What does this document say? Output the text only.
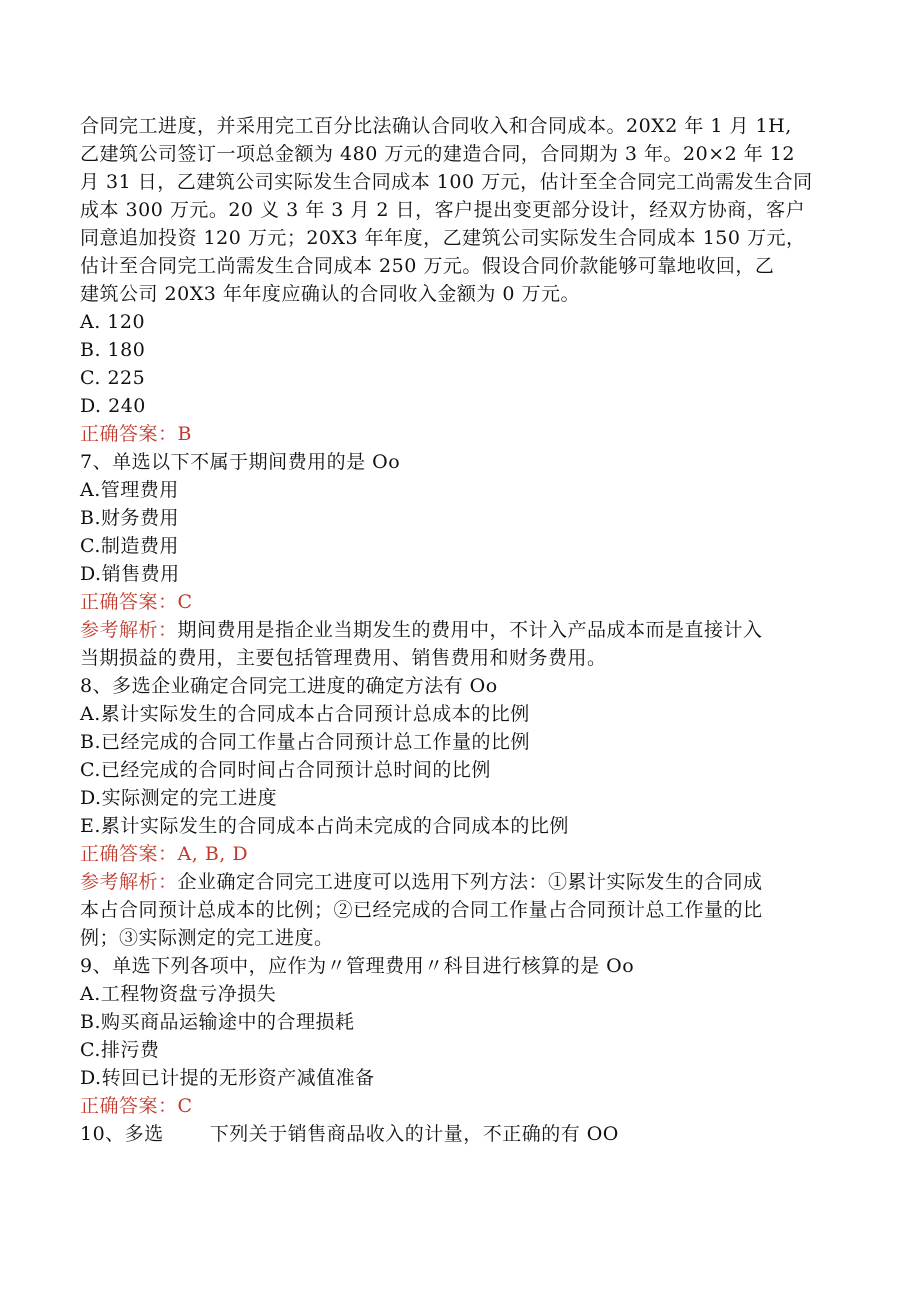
合同完工进度，并采用完工百分比法确认合同收入和合同成本。20X2 年 1 月 1H,
乙建筑公司签订一项总金额为 480 万元的建造合同，合同期为 3 年。20×2 年 12
月 31 日，乙建筑公司实际发生合同成本 100 万元，估计至全合同完工尚需发生合同
成本 300 万元。20 义 3 年 3 月 2 日，客户提出变更部分设计，经双方协商，客户
同意追加投资 120 万元；20X3 年年度，乙建筑公司实际发生合同成本 150 万元，
估计至合同完工尚需发生合同成本 250 万元。假设合同价款能够可靠地收回，乙
建筑公司 20X3 年年度应确认的合同收入金额为 0 万元。
A. 120
B. 180
C. 225
D. 240
正确答案：B
7、单选以下不属于期间费用的是 Oo
A.管理费用
B.财务费用
C.制造费用
D.销售费用
正确答案：C
参考解析：期间费用是指企业当期发生的费用中，不计入产品成本而是直接计入
当期损益的费用，主要包括管理费用、销售费用和财务费用。
8、多选企业确定合同完工进度的确定方法有 Oo
A.累计实际发生的合同成本占合同预计总成本的比例
B.已经完成的合同工作量占合同预计总工作量的比例
C.已经完成的合同时间占合同预计总时间的比例
D.实际测定的完工进度
E.累计实际发生的合同成本占尚未完成的合同成本的比例
正确答案：A, B, D
参考解析：企业确定合同完工进度可以选用下列方法：①累计实际发生的合同成
本占合同预计总成本的比例；②已经完成的合同工作量占合同预计总工作量的比
例；③实际测定的完工进度。
9、单选下列各项中，应作为〃管理费用〃科目进行核算的是 Oo
A.工程物资盘亏净损失
B.购买商品运输途中的合理损耗
C.排污费
D.转回已计提的无形资产减值准备
正确答案：C
10、多选 下列关于销售商品收入的计量，不正确的有 OO
